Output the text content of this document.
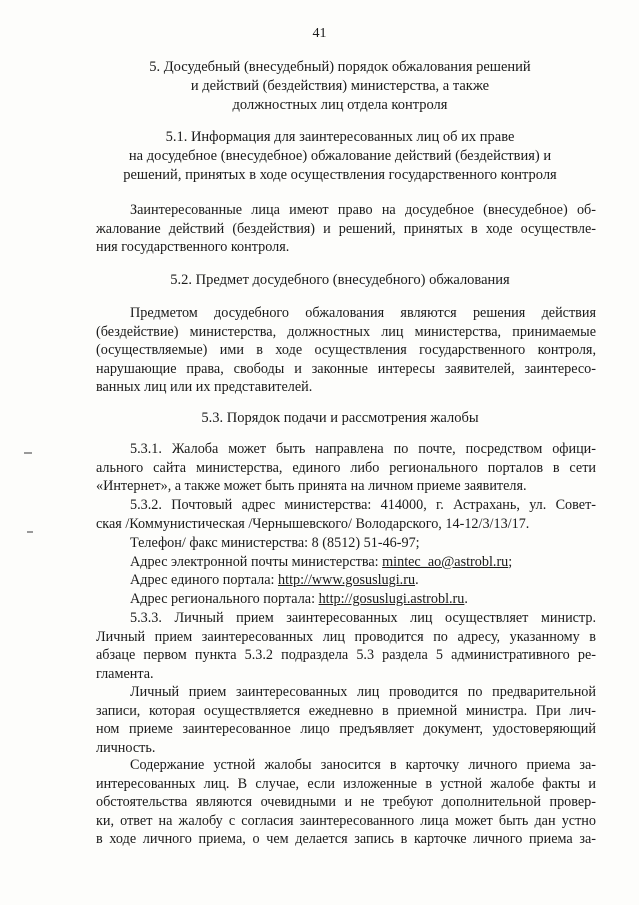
41
5. Досудебный (внесудебный) порядок обжалования решений
и действий (бездействия) министерства, а также
должностных лиц отдела контроля
5.1. Информация для заинтересованных лиц об их праве
на досудебное (внесудебное) обжалование действий (бездействия) и
решений, принятых в ходе осуществления государственного контроля
Заинтересованные лица имеют право на досудебное (внесудебное) об-
жалование действий (бездействия) и решений, принятых в ходе осуществле-
ния государственного контроля.
5.2. Предмет досудебного (внесудебного) обжалования
Предметом досудебного обжалования являются решения действия
(бездействие) министерства, должностных лиц министерства, принимаемые
(осуществляемые) ими в ходе осуществления государственного контроля,
нарушающие права, свободы и законные интересы заявителей, заинтересо-
ванных лиц или их представителей.
5.3. Порядок подачи и рассмотрения жалобы
5.3.1. Жалоба может быть направлена по почте, посредством офици-
ального сайта министерства, единого либо регионального порталов в сети
«Интернет», а также может быть принята на личном приеме заявителя.
5.3.2. Почтовый адрес министерства: 414000, г. Астрахань, ул. Совет-
ская /Коммунистическая /Чернышевского/ Володарского, 14-12/3/13/17.
Телефон/ факс министерства: 8 (8512) 51-46-97;
Адрес электронной почты министерства: mintec_ao@astrobl.ru;
Адрес единого портала: http://www.gosuslugi.ru.
Адрес регионального портала: http://gosuslugi.astrobl.ru.
5.3.3. Личный прием заинтересованных лиц осуществляет министр.
Личный прием заинтересованных лиц проводится по адресу, указанному в
абзаце первом пункта 5.3.2 подраздела 5.3 раздела 5 административного ре-
гламента.
Личный прием заинтересованных лиц проводится по предварительной
записи, которая осуществляется ежедневно в приемной министра. При лич-
ном приеме заинтересованное лицо предъявляет документ, удостоверяющий
личность.
Содержание устной жалобы заносится в карточку личного приема за-
интересованных лиц. В случае, если изложенные в устной жалобе факты и
обстоятельства являются очевидными и не требуют дополнительной провер-
ки, ответ на жалобу с согласия заинтересованного лица может быть дан устно
в ходе личного приема, о чем делается запись в карточке личного приема за-
